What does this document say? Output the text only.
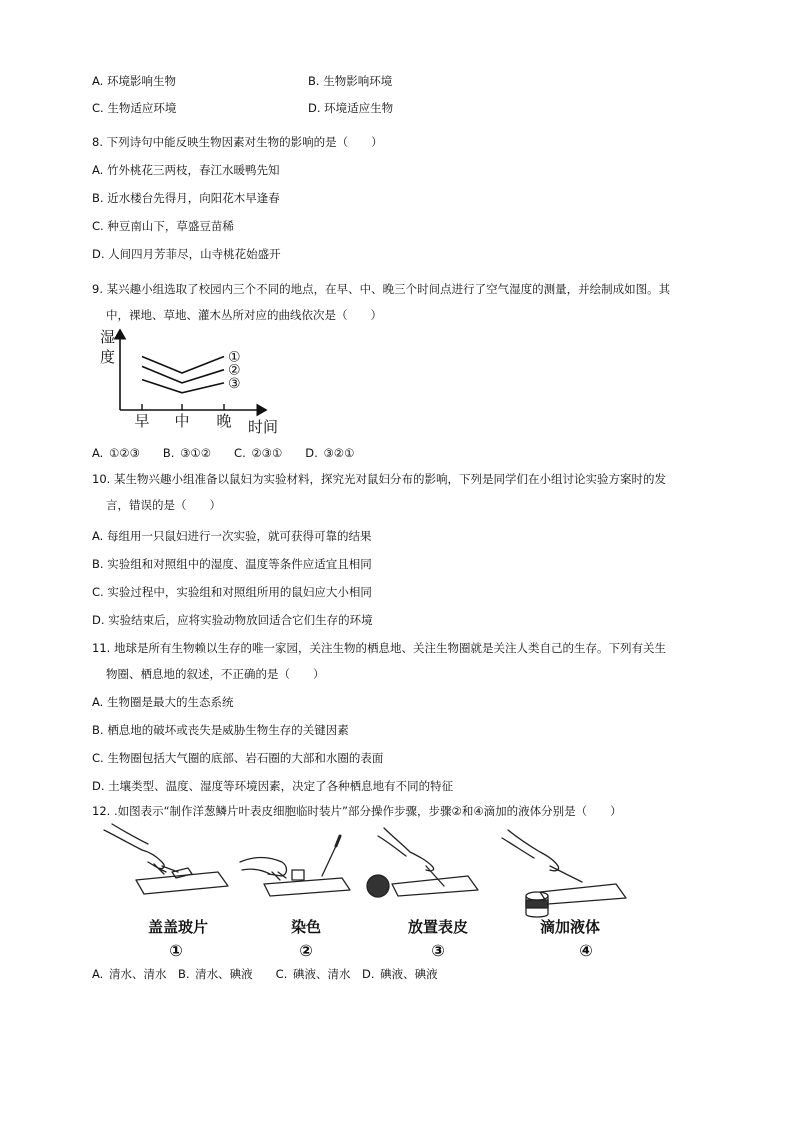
A. 环境影响生物	B. 生物影响环境
C. 生物适应环境	D. 环境适应生物
8. 下列诗句中能反映生物因素对生物的影响的是（　　）
A. 竹外桃花三两枝，春江水暖鸭先知
B. 近水楼台先得月，向阳花木早逢春
C. 种豆南山下，草盛豆苗稀
D. 人间四月芳菲尽，山寺桃花始盛开
9. 某兴趣小组选取了校园内三个不同的地点，在早、中、晚三个时间点进行了空气湿度的测量，并绘制成如图。其
中，裸地、草地、灌木丛所对应的曲线依次是（　　）
湿
度
时间
早 中 晚
①
②
③
A. ①②③　　B. ③①②　　C. ②③①　　D. ③②①
10. 某生物兴趣小组准备以鼠妇为实验材料，探究光对鼠妇分布的影响，下列是同学们在小组讨论实验方案时的发
言，错误的是（　　）
A. 每组用一只鼠妇进行一次实验，就可获得可靠的结果
B. 实验组和对照组中的湿度、温度等条件应适宜且相同
C. 实验过程中，实验组和对照组所用的鼠妇应大小相同
D. 实验结束后，应将实验动物放回适合它们生存的环境
11. 地球是所有生物赖以生存的唯一家园，关注生物的栖息地、关注生物圈就是关注人类自己的生存。下列有关生
物圈、栖息地的叙述，不正确的是（　　）
A. 生物圈是最大的生态系统
B. 栖息地的破坏或丧失是威胁生物生存的关键因素
C. 生物圈包括大气圈的底部、岩石圈的大部和水圈的表面
D. 土壤类型、温度、湿度等环境因素，决定了各种栖息地有不同的特征
12. .如图表示“制作洋葱鳞片叶表皮细胞临时装片”部分操作步骤，步骤②和④滴加的液体分别是（　　）
盖盖玻片	染色	放置表皮	滴加液体
①	②	③	④
A. 清水、清水　B. 清水、碘液　　C. 碘液、清水　D. 碘液、碘液
